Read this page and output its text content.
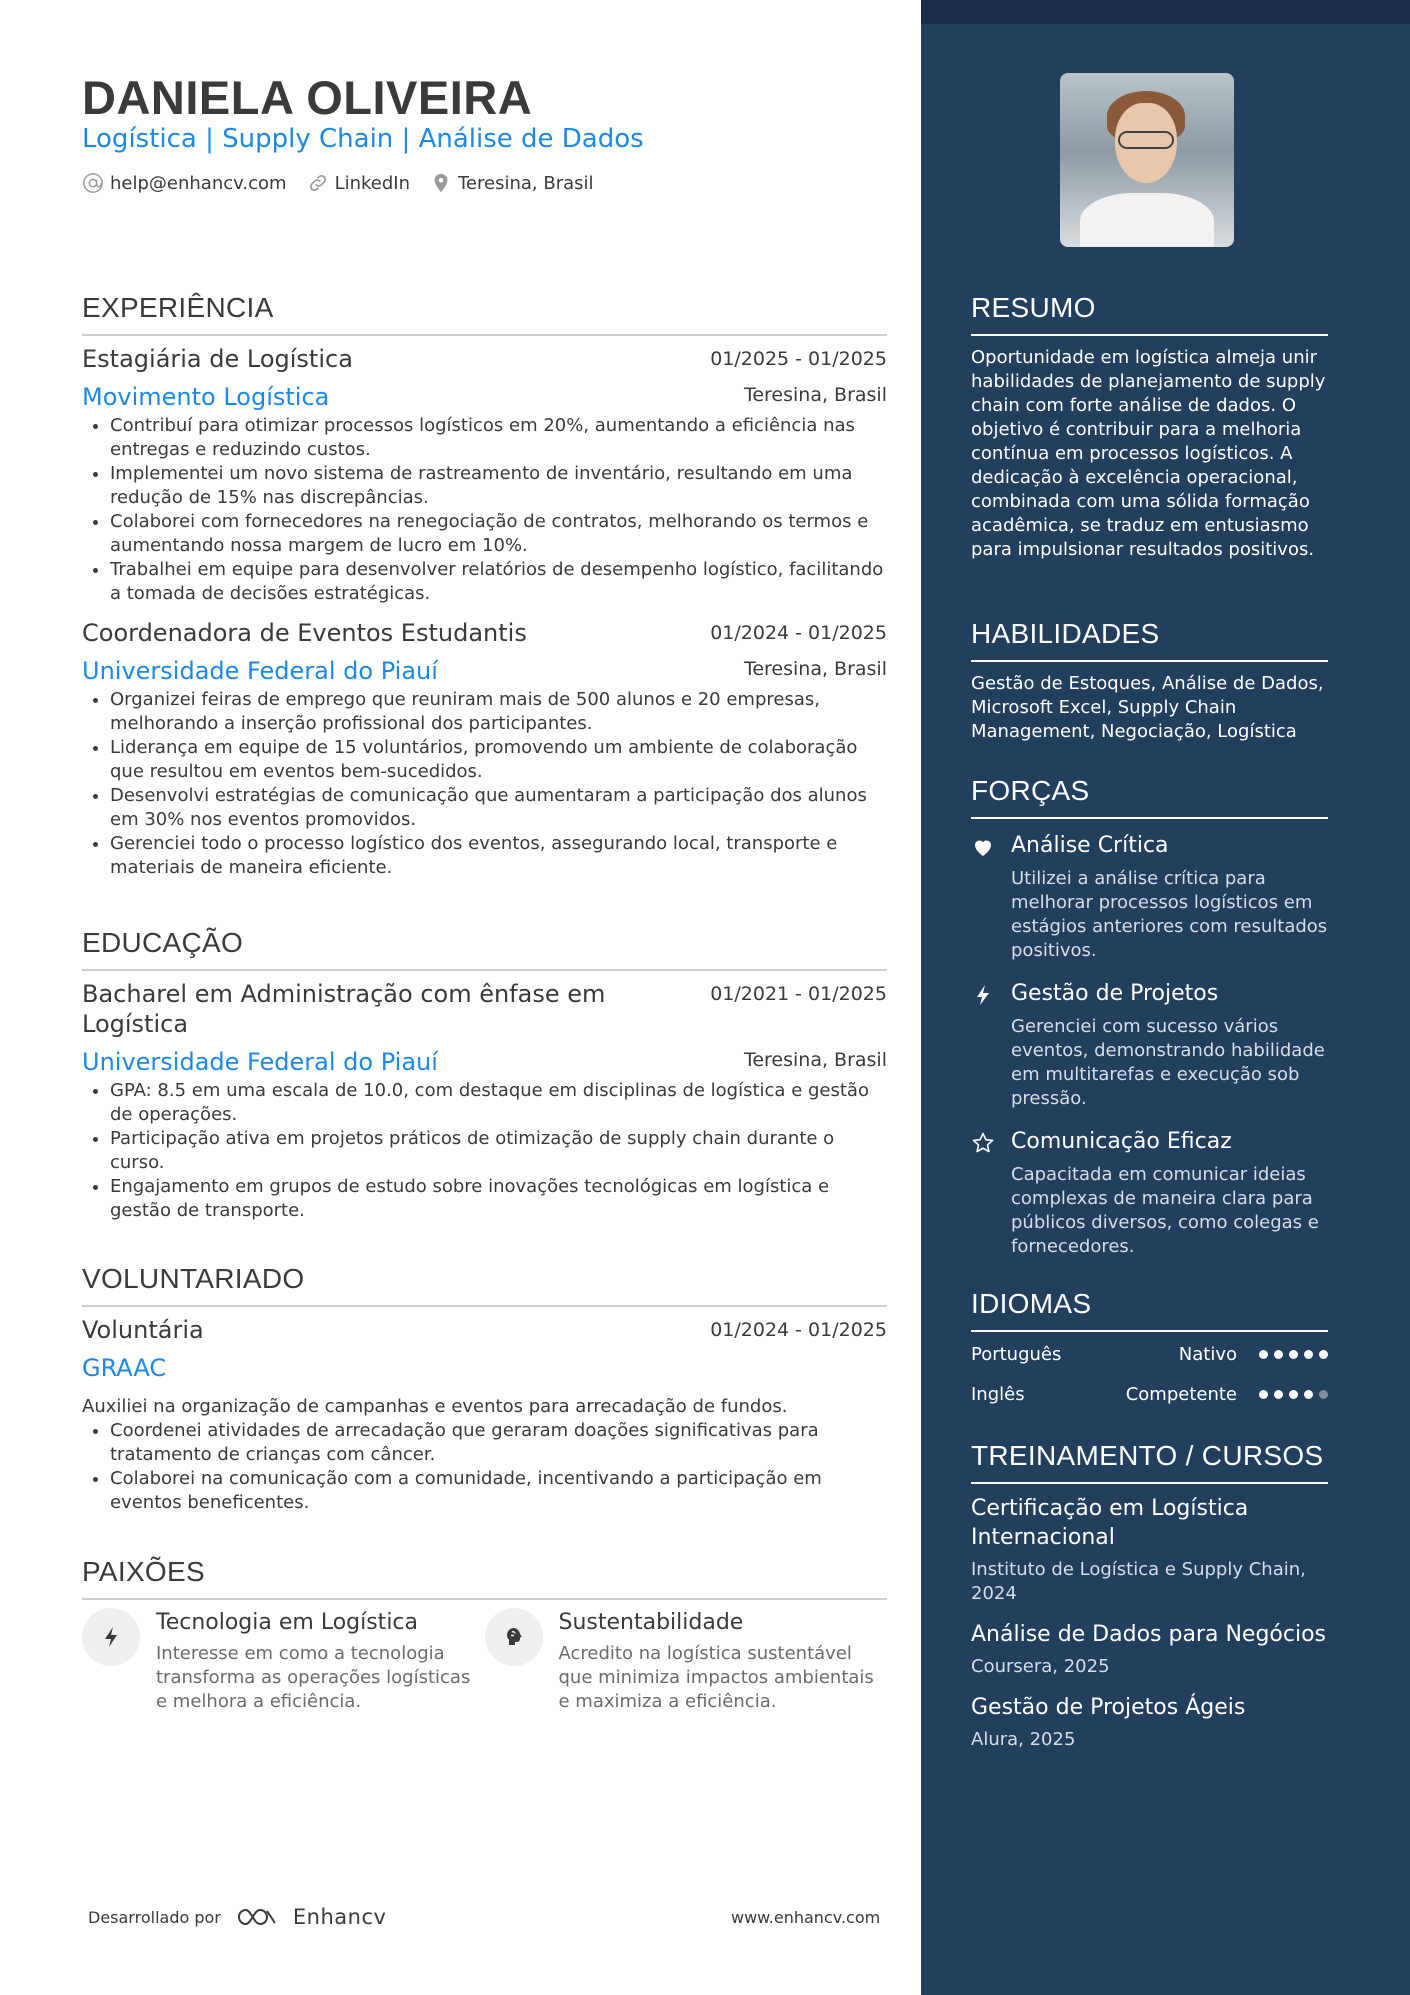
DANIELA OLIVEIRA
Logística | Supply Chain | Análise de Dados
help@enhancv.com	LinkedIn	Teresina, Brasil
EXPERIÊNCIA
Estagiária de Logística	01/2025 - 01/2025
Movimento Logística	Teresina, Brasil
Contribuí para otimizar processos logísticos em 20%, aumentando a eficiência nas entregas e reduzindo custos.
Implementei um novo sistema de rastreamento de inventário, resultando em uma redução de 15% nas discrepâncias.
Colaborei com fornecedores na renegociação de contratos, melhorando os termos e aumentando nossa margem de lucro em 10%.
Trabalhei em equipe para desenvolver relatórios de desempenho logístico, facilitando a tomada de decisões estratégicas.
Coordenadora de Eventos Estudantis	01/2024 - 01/2025
Universidade Federal do Piauí	Teresina, Brasil
Organizei feiras de emprego que reuniram mais de 500 alunos e 20 empresas, melhorando a inserção profissional dos participantes.
Liderança em equipe de 15 voluntários, promovendo um ambiente de colaboração que resultou em eventos bem-sucedidos.
Desenvolvi estratégias de comunicação que aumentaram a participação dos alunos em 30% nos eventos promovidos.
Gerenciei todo o processo logístico dos eventos, assegurando local, transporte e materiais de maneira eficiente.
EDUCAÇÃO
Bacharel em Administração com ênfase em Logística
01/2021 - 01/2025
Universidade Federal do Piauí	Teresina, Brasil
GPA: 8.5 em uma escala de 10.0, com destaque em disciplinas de logística e gestão de operações.
Participação ativa em projetos práticos de otimização de supply chain durante o curso.
Engajamento em grupos de estudo sobre inovações tecnológicas em logística e gestão de transporte.
VOLUNTARIADO
Voluntária	01/2024 - 01/2025
GRAAC
Auxiliei na organização de campanhas e eventos para arrecadação de fundos.
Coordenei atividades de arrecadação que geraram doações significativas para tratamento de crianças com câncer.
Colaborei na comunicação com a comunidade, incentivando a participação em eventos beneficentes.
PAIXÕES
Tecnologia em Logística
Interesse em como a tecnologia transforma as operações logísticas e melhora a eficiência.
Sustentabilidade
Acredito na logística sustentável que minimiza impactos ambientais e maximiza a eficiência.
Desarrollado por	Enhancv	www.enhancv.com
RESUMO
Oportunidade em logística almeja unir habilidades de planejamento de supply chain com forte análise de dados. O objetivo é contribuir para a melhoria contínua em processos logísticos. A dedicação à excelência operacional, combinada com uma sólida formação acadêmica, se traduz em entusiasmo para impulsionar resultados positivos.
HABILIDADES
Gestão de Estoques, Análise de Dados, Microsoft Excel, Supply Chain Management, Negociação, Logística
FORÇAS
Análise Crítica
Utilizei a análise crítica para melhorar processos logísticos em estágios anteriores com resultados positivos.
Gestão de Projetos
Gerenciei com sucesso vários eventos, demonstrando habilidade em multitarefas e execução sob pressão.
Comunicação Eficaz
Capacitada em comunicar ideias complexas de maneira clara para públicos diversos, como colegas e fornecedores.
IDIOMAS
Português	Nativo
Inglês	Competente
TREINAMENTO / CURSOS
Certificação em Logística Internacional
Instituto de Logística e Supply Chain, 2024
Análise de Dados para Negócios
Coursera, 2025
Gestão de Projetos Ágeis
Alura, 2025
